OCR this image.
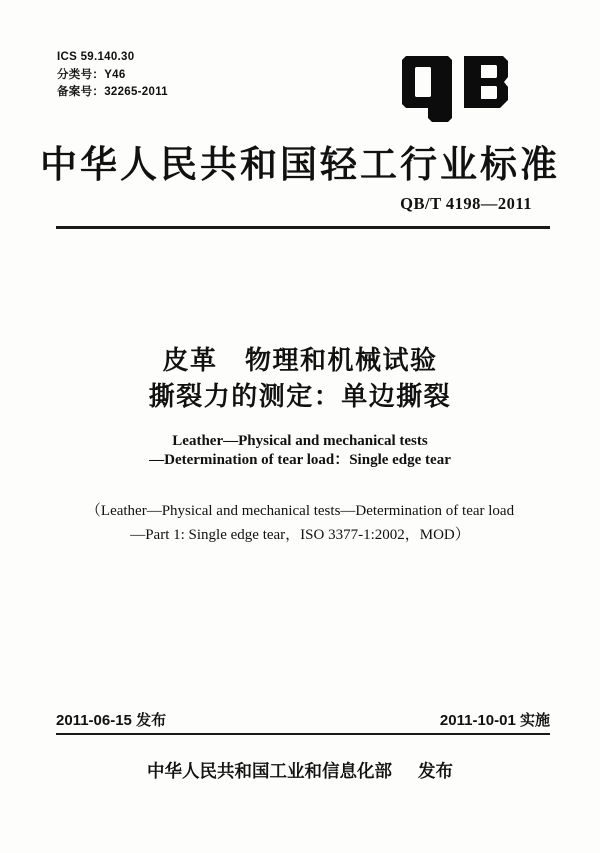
ICS 59.140.30
分类号：Y46
备案号：32265-2011
中华人民共和国轻工行业标准
QB/T 4198—2011
皮革　物理和机械试验
撕裂力的测定：单边撕裂
Leather—Physical and mechanical tests
—Determination of tear load：Single edge tear
（Leather—Physical and mechanical tests—Determination of tear load
—Part 1: Single edge tear，ISO 3377-1:2002，MOD）
2011-06-15 发布	2011-10-01 实施
中华人民共和国工业和信息化部 发布
